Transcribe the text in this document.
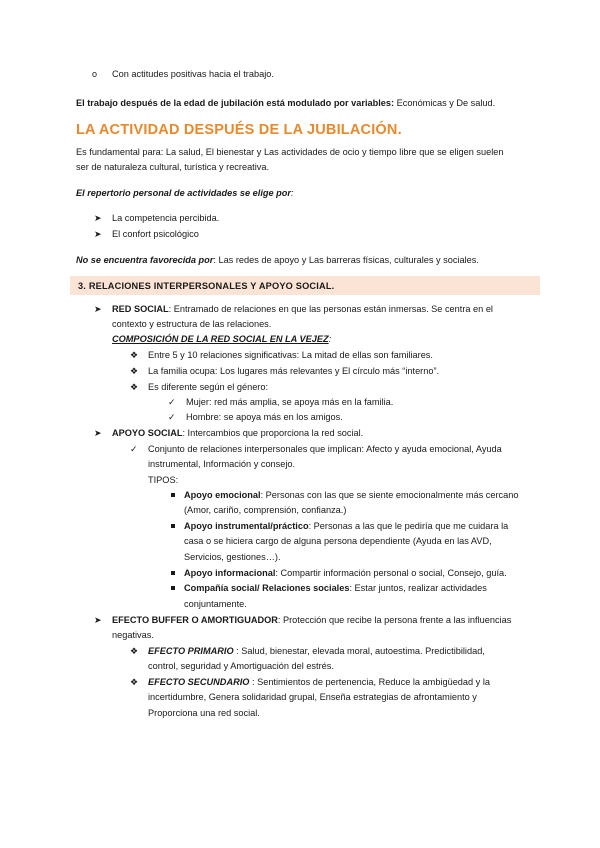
o Con actitudes positivas hacia el trabajo.
El trabajo después de la edad de jubilación está modulado por variables: Económicas y De salud.
LA ACTIVIDAD DESPUÉS DE LA JUBILACIÓN.
Es fundamental para: La salud, El bienestar y Las actividades de ocio y tiempo libre que se eligen suelen
ser de naturaleza cultural, turística y recreativa.
El repertorio personal de actividades se elige por:
➤ La competencia percibida.
➤ El confort psicológico
No se encuentra favorecida por: Las redes de apoyo y Las barreras físicas, culturales y sociales.
3. RELACIONES INTERPERSONALES Y APOYO SOCIAL.
➤ RED SOCIAL: Entramado de relaciones en que las personas están inmersas. Se centra en el
contexto y estructura de las relaciones.
COMPOSICIÓN DE LA RED SOCIAL EN LA VEJEZ:
❖ Entre 5 y 10 relaciones significativas: La mitad de ellas son familiares.
❖ La familia ocupa: Los lugares más relevantes y El círculo más “interno”.
❖ Es diferente según el género:
✓ Mujer: red más amplia, se apoya más en la familia.
✓ Hombre: se apoya más en los amigos.
➤ APOYO SOCIAL: Intercambios que proporciona la red social.
✓ Conjunto de relaciones interpersonales que implican: Afecto y ayuda emocional, Ayuda
instrumental, Información y consejo.
TIPOS:
Apoyo emocional: Personas con las que se siente emocionalmente más cercano
(Amor, cariño, comprensión, confianza.)
Apoyo instrumental/práctico: Personas a las que le pediría que me cuidara la
casa o se hiciera cargo de alguna persona dependiente (Ayuda en las AVD,
Servicios, gestiones…).
Apoyo informacional: Compartir información personal o social, Consejo, guía.
Compañía social/ Relaciones sociales: Estar juntos, realizar actividades
conjuntamente.
➤ EFECTO BUFFER O AMORTIGUADOR: Protección que recibe la persona frente a las influencias
negativas.
❖ EFECTO PRIMARIO : Salud, bienestar, elevada moral, autoestima. Predictibilidad,
control, seguridad y Amortiguación del estrés.
❖ EFECTO SECUNDARIO : Sentimientos de pertenencia, Reduce la ambigüedad y la
incertidumbre, Genera solidaridad grupal, Enseña estrategias de afrontamiento y
Proporciona una red social.
